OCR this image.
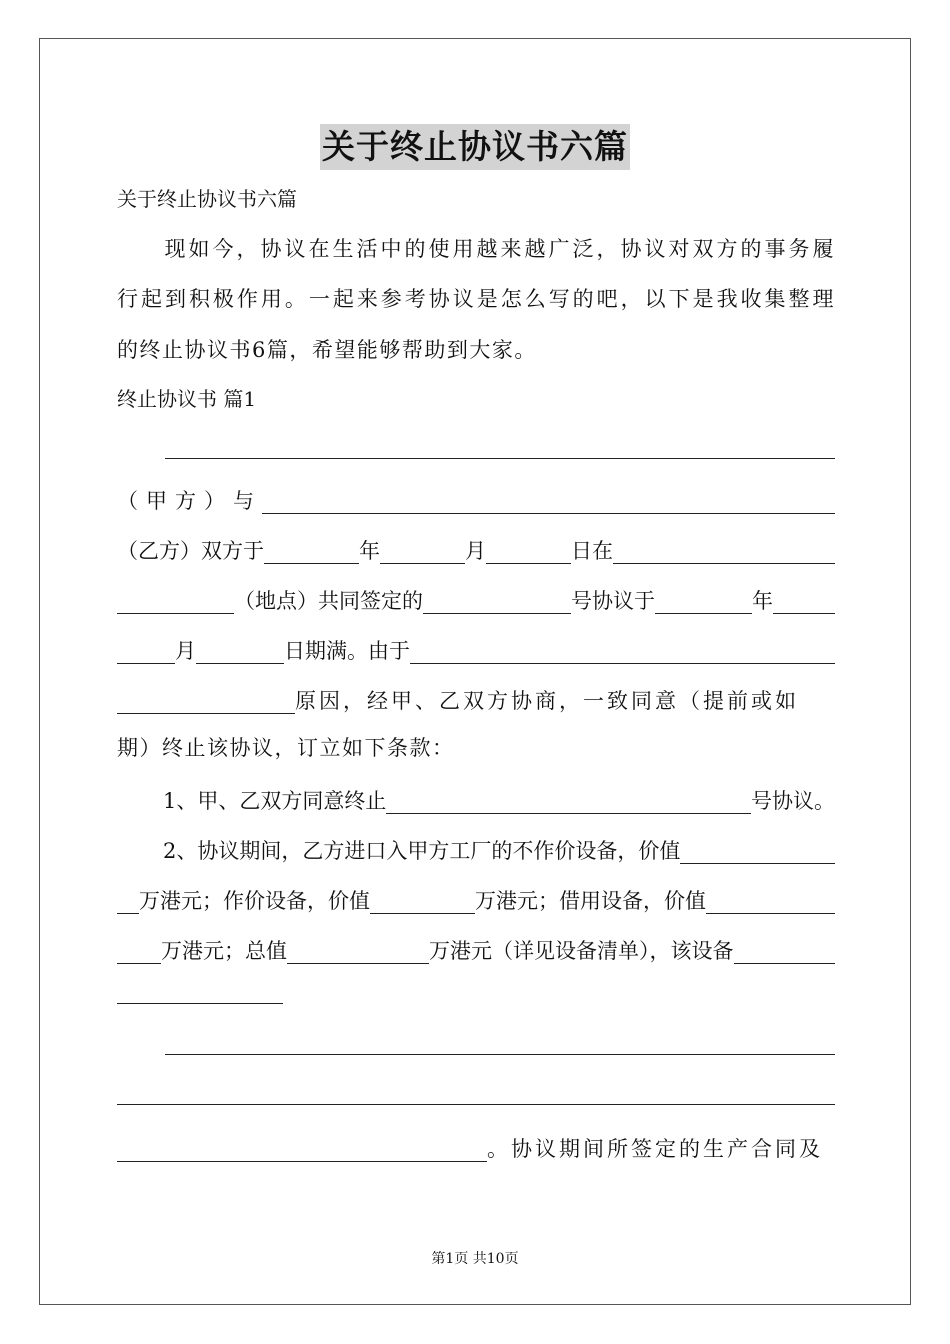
关于终止协议书六篇
关于终止协议书六篇
现如今，协议在生活中的使用越来越广泛，协议对双方的事务履
行起到积极作用。一起来参考协议是怎么写的吧，以下是我收集整理
的终止协议书6篇，希望能够帮助到大家。
终止协议书 篇1
（甲方）与
（乙方）双方于	年	月	日在
（地点）共同签定的	号协议于	年
月	日期满。由于
原因，经甲、乙双方协商，一致同意（提前或如
期）终止该协议，订立如下条款：
1、甲、乙双方同意终止	号协议。
2、协议期间，乙方进口入甲方工厂的不作价设备，价值
万港元；作价设备，价值	万港元；借用设备，价值
万港元；总值	万港元（详见设备清单），该设备
。协议期间所签定的生产合同及
第1页 共10页
